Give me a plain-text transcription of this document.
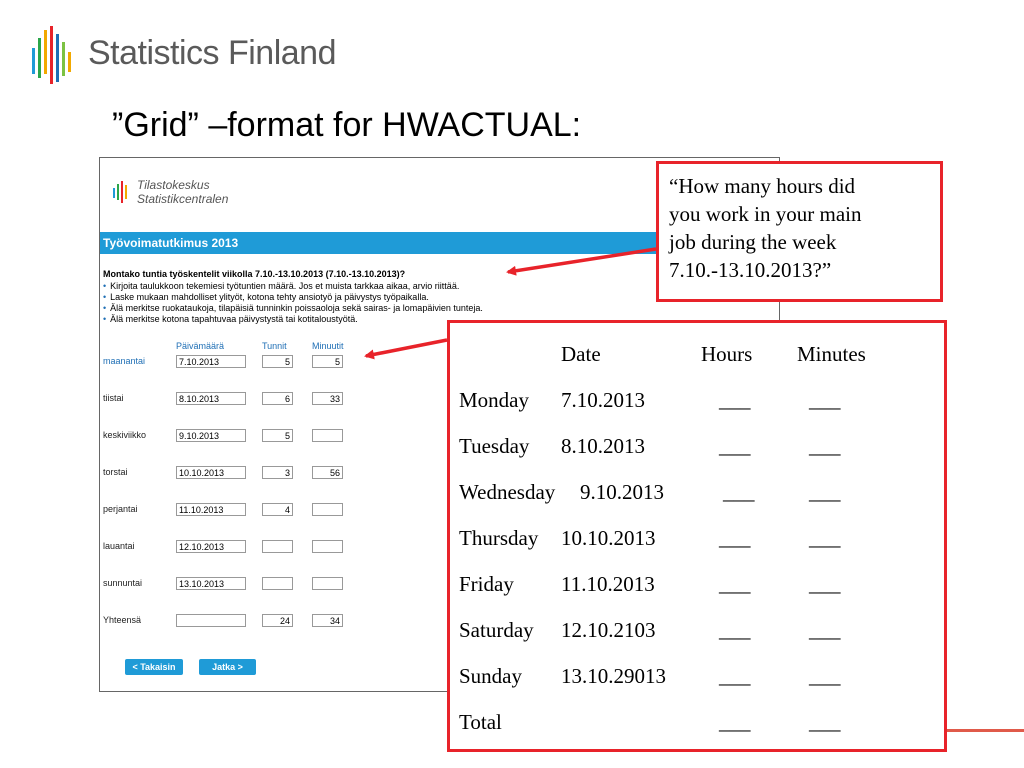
Statistics Finland
”Grid” –format for HWACTUAL:
Tilastokeskus
Statistikcentralen
Työvoimatutkimus 2013
Montako tuntia työskentelit viikolla 7.10.-13.10.2013 (7.10.-13.10.2013)?
• Kirjoita taulukkoon tekemiesi työtuntien määrä. Jos et muista tarkkaa aikaa, arvio riittää.
• Laske mukaan mahdolliset ylityöt, kotona tehty ansiotyö ja päivystys työpaikalla.
• Älä merkitse ruokataukoja, tilapäisiä tunninkin poissaoloja sekä sairas- ja lomapäivien tunteja.
• Älä merkitse kotona tapahtuvaa päivystystä tai kotitaloustyötä.
Päivämäärä	Tunnit	Minuutit
maanantai	7.10.2013	5	5
tiistai	8.10.2013	6	33
keskiviikko	9.10.2013	5
torstai	10.10.2013	3	56
perjantai	11.10.2013	4
lauantai	12.10.2013
sunnuntai	13.10.2013
Yhteensä	24	34
< Takaisin	Jatka >
“How many hours did
you work in your main
job during the week
7.10.-13.10.2013?”
Date	Hours Minutes
Monday 7.10.2013	___	___
Tuesday 8.10.2013	___	___
Wednesday 9.10.2013	___	___
Thursday 10.10.2013	___	___
Friday 11.10.2013	___	___
Saturday 12.10.2103	___	___
Sunday 13.10.29013	___	___
Total	___	___
